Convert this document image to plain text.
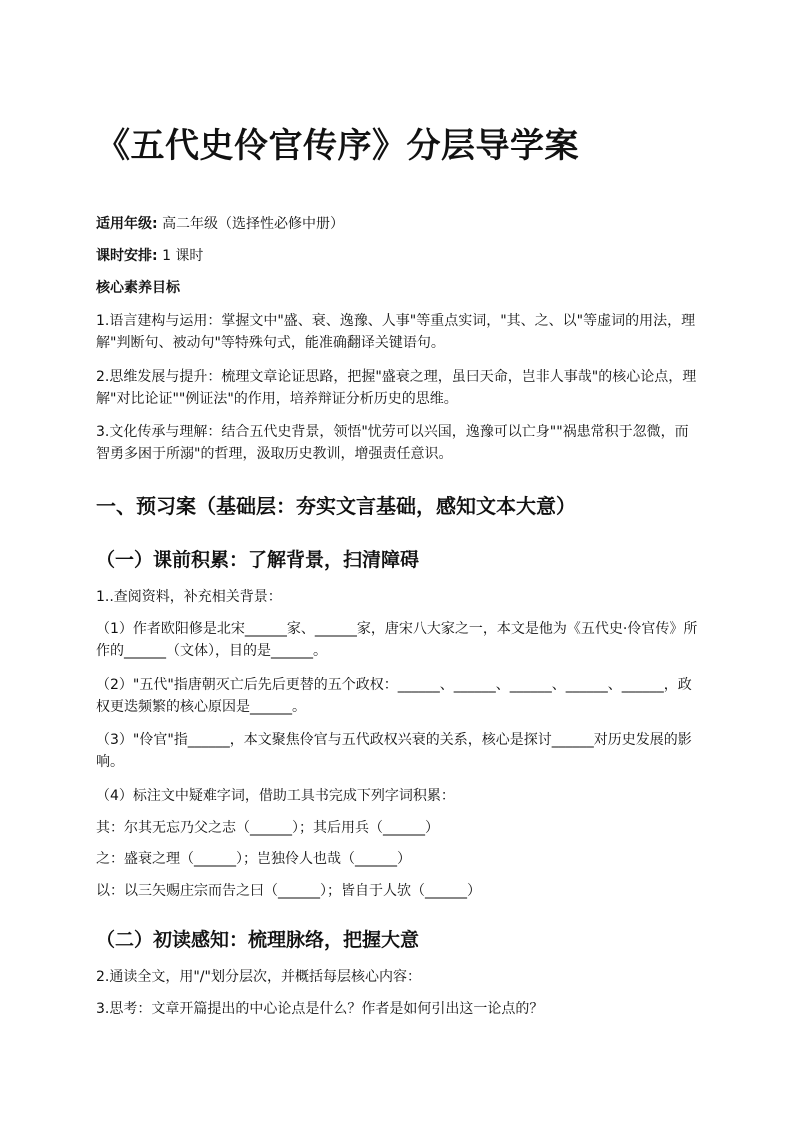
《五代史伶官传序》分层导学案

适用年级: 高二年级（选择性必修中册）

课时安排: 1 课时

核心素养目标

1.语言建构与运用：掌握文中"盛、衰、逸豫、人事"等重点实词，"其、之、以"等虚词的用法，理解"判断句、被动句"等特殊句式，能准确翻译关键语句。

2.思维发展与提升：梳理文章论证思路，把握"盛衰之理，虽曰天命，岂非人事哉"的核心论点，理解"对比论证""例证法"的作用，培养辩证分析历史的思维。

3.文化传承与理解：结合五代史背景，领悟"忧劳可以兴国，逸豫可以亡身""祸患常积于忽微，而智勇多困于所溺"的哲理，汲取历史教训，增强责任意识。

一、预习案（基础层：夯实文言基础，感知文本大意）
（一）课前积累：了解背景，扫清障碍

1..查阅资料，补充相关背景：

（1）作者欧阳修是北宋______家、______家，唐宋八大家之一，本文是他为《五代史·伶官传》所作的______（文体），目的是______。

（2）"五代"指唐朝灭亡后先后更替的五个政权：______、______、______、______、______，政权更迭频繁的核心原因是______。

（3）"伶官"指______，本文聚焦伶官与五代政权兴衰的关系，核心是探讨______对历史发展的影响。

（4）标注文中疑难字词，借助工具书完成下列字词积累：

其：尔其无忘乃父之志（______）；其后用兵（______）

之：盛衰之理（______）；岂独伶人也哉（______）

以：以三矢赐庄宗而告之曰（______）；皆自于人欤（______）

（二）初读感知：梳理脉络，把握大意

2.通读全文，用"/"划分层次，并概括每层核心内容：

3.思考：文章开篇提出的中心论点是什么？作者是如何引出这一论点的？
